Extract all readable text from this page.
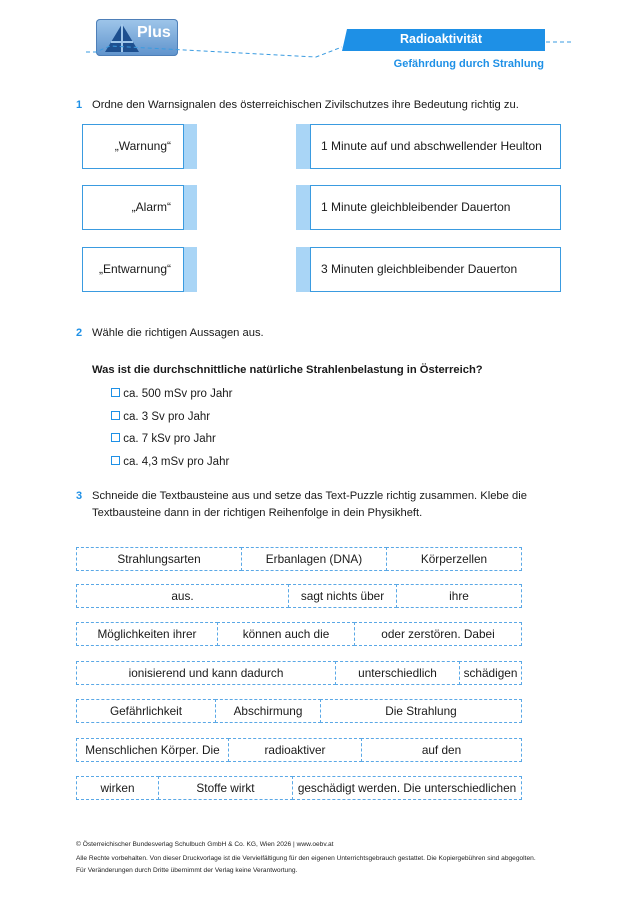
Plus	Radioaktivität
Gefährdung durch Strahlung
1 Ordne den Warnsignalen des österreichischen Zivilschutzes ihre Bedeutung richtig zu.
„Warnung“	1 Minute auf und abschwellender Heulton
„Alarm“	1 Minute gleichbleibender Dauerton
„Entwarnung“	3 Minuten gleichbleibender Dauerton
2 Wähle die richtigen Aussagen aus.
Was ist die durchschnittliche natürliche Strahlenbelastung in Österreich?
ca. 500 mSv pro Jahr
ca. 3 Sv pro Jahr
ca. 7 kSv pro Jahr
ca. 4,3 mSv pro Jahr
3 Schneide die Textbausteine aus und setze das Text-Puzzle richtig zusammen. Klebe die
Textbausteine dann in der richtigen Reihenfolge in dein Physikheft.
Strahlungsarten	Erbanlagen (DNA)	Körperzellen
aus.	sagt nichts über	ihre
Möglichkeiten ihrer	können auch die	oder zerstören. Dabei
ionisierend und kann dadurch	unterschiedlich	schädigen
Gefährlichkeit	Abschirmung	Die Strahlung
Menschlichen Körper. Die	radioaktiver	auf den
wirken	Stoffe wirkt	geschädigt werden. Die unterschiedlichen
© Österreichischer Bundesverlag Schulbuch GmbH & Co. KG, Wien 2026 | www.oebv.at
Alle Rechte vorbehalten. Von dieser Druckvorlage ist die Vervielfältigung für den eigenen Unterrichtsgebrauch gestattet. Die Kopiergebühren sind abgegolten.
Für Veränderungen durch Dritte übernimmt der Verlag keine Verantwortung.
